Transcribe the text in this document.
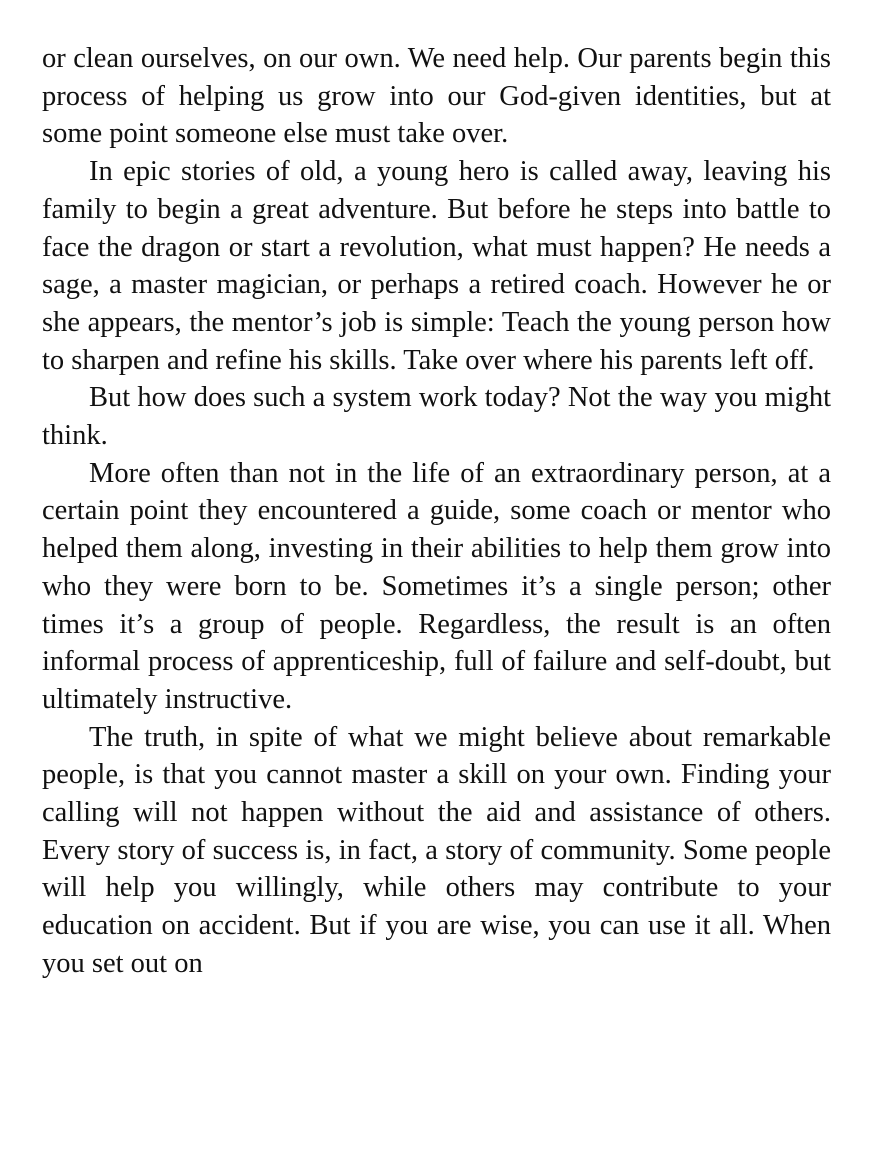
or clean ourselves, on our own. We need help. Our parents begin this process of helping us grow into our God-given identities, but at some point someone else must take over.

In epic stories of old, a young hero is called away, leaving his family to begin a great adventure. But before he steps into battle to face the dragon or start a revolution, what must happen? He needs a sage, a master magician, or perhaps a retired coach. However he or she appears, the mentor’s job is simple: Teach the young person how to sharpen and refine his skills. Take over where his parents left off.

But how does such a system work today? Not the way you might think.

More often than not in the life of an extraordinary person, at a certain point they encountered a guide, some coach or mentor who helped them along, investing in their abilities to help them grow into who they were born to be. Sometimes it’s a single person; other times it’s a group of people. Regardless, the result is an often informal process of apprenticeship, full of failure and self-doubt, but ultimately instructive.

The truth, in spite of what we might believe about remarkable people, is that you cannot master a skill on your own. Finding your calling will not happen without the aid and assistance of others. Every story of success is, in fact, a story of community. Some people will help you willingly, while others may contribute to your education on accident. But if you are wise, you can use it all. When you set out on
